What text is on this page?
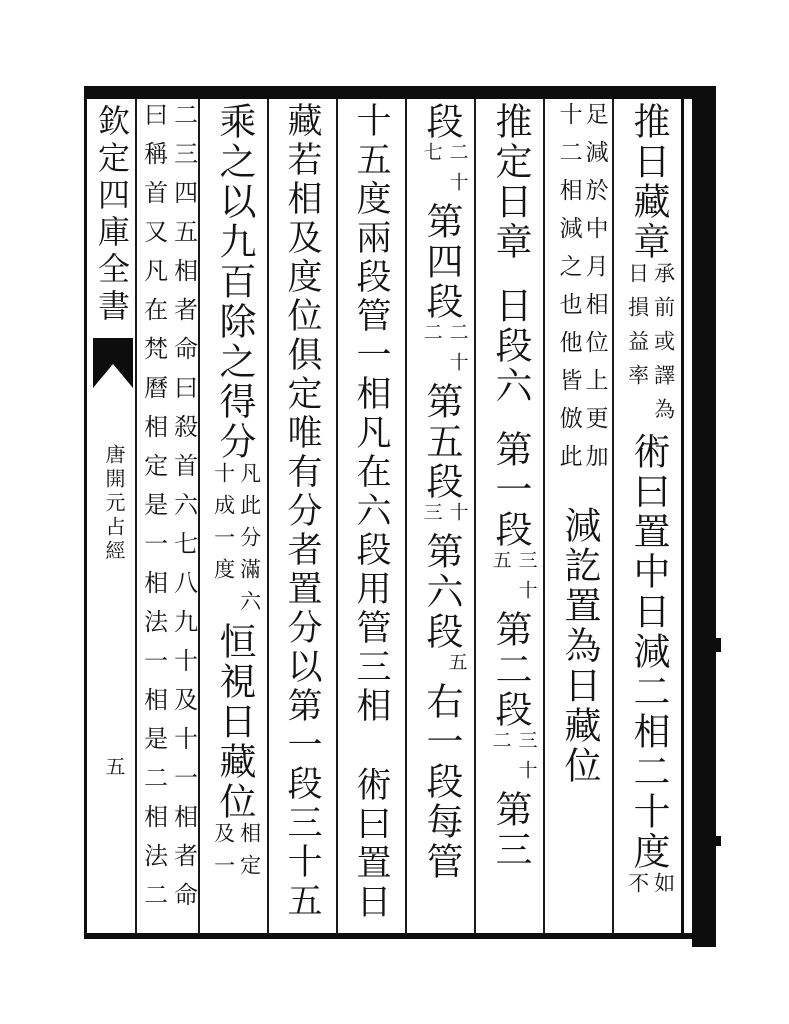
欽定四庫全書
唐開元占經
五
推日藏章
承前或譯為
日損益率
術曰置中日減二相二十度
如
不
足減於中月相位上更加
十二相減之也他皆倣此
減訖置為日藏位
推定日章日段六第一段
三十
五
第二段
三十
二
第三
段
二十
七
第四段
二十
二
第五段
十
三
第六段
五
右一段每管
十五度兩段管一相凡在六段用管三相術曰置日
藏若相及度位俱定唯有分者置分以第一段三十五
乘之以九百除之得分
凡此分滿六
十成一度
恒視日藏位
相定
及一
二三四五相者命曰殺首六七八九十及十一相者命
曰稱首又凡在梵曆相定是一相法一相是二相法二
